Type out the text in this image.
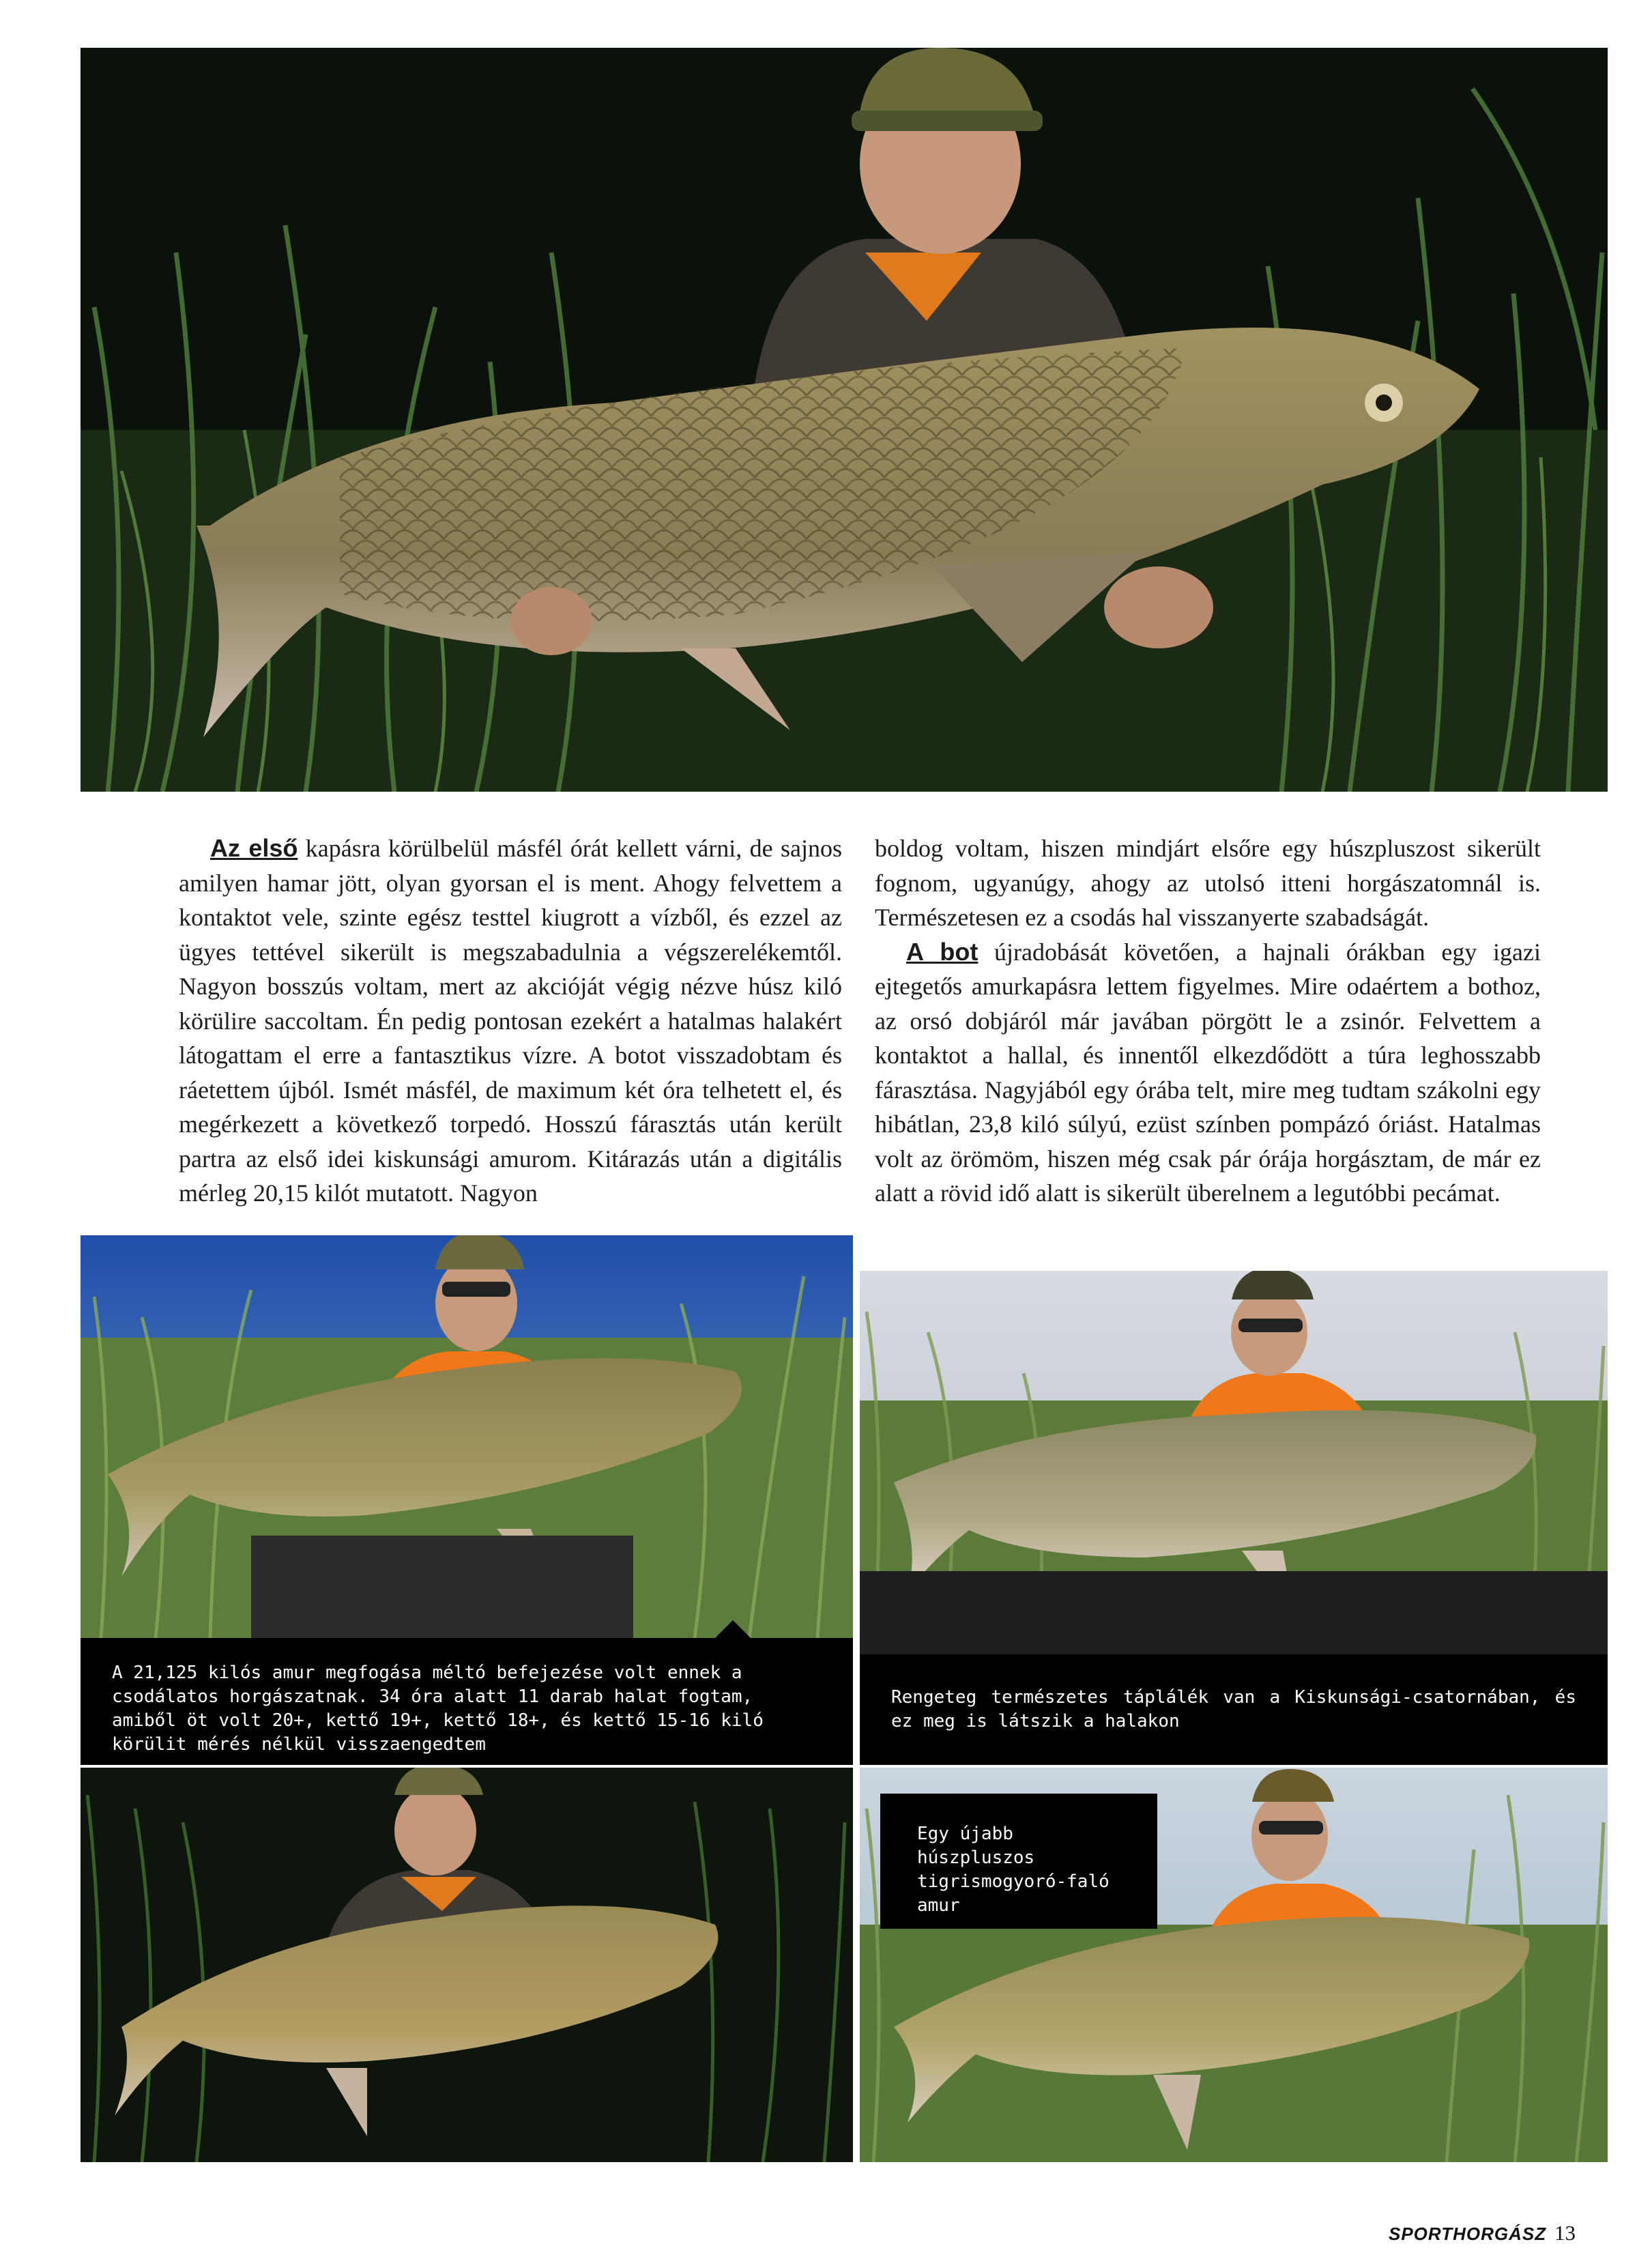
Az első kapásra körülbelül másfél órát kellett várni, de sajnos amilyen hamar jött, olyan gyorsan el is ment. Ahogy felvettem a kontaktot vele, szinte egész testtel kiugrott a vízből, és ezzel az ügyes tettével sikerült is megszabadulnia a végszerelékemtől. Nagyon bosszús voltam, mert az akcióját végig nézve húsz kiló körülire saccoltam. Én pedig pontosan ezekért a hatalmas halakért látogattam el erre a fantasztikus vízre. A botot visszadobtam és ráetettem újból. Ismét másfél, de maximum két óra telhetett el, és megérkezett a következő torpedó. Hosszú fárasztás után került partra az első idei kiskunsági amurom. Kitárazás után a digitális mérleg 20,15 kilót mutatott. Nagyon

boldog voltam, hiszen mindjárt elsőre egy húszpluszost sikerült fognom, ugyanúgy, ahogy az utolsó itteni horgászatomnál is. Természetesen ez a csodás hal visszanyerte szabadságát.

A bot újradobását követően, a hajnali órákban egy igazi ejtegetős amurkapásra lettem figyelmes. Mire odaértem a bothoz, az orsó dobjáról már javában pörgött le a zsinór. Felvettem a kontaktot a hallal, és innentől elkezdődött a túra leghosszabb fárasztása. Nagyjából egy órába telt, mire meg tudtam szákolni egy hibátlan, 23,8 kiló súlyú, ezüst színben pompázó óriást. Hatalmas volt az örömöm, hiszen még csak pár órája horgásztam, de már ez alatt a rövid idő alatt is sikerült überelnem a legutóbbi pecámat.

A 21,125 kilós amur megfogása méltó befejezése volt ennek a csodálatos horgászatnak. 34 óra alatt 11 darab halat fogtam, amiből öt volt 20+, kettő 19+, kettő 18+, és kettő 15-16 kiló körülit mérés nélkül visszaengedtem
Rengeteg természetes táplálék van a Kiskunsági-csatornában, és ez meg is látszik a halakon
Egy újabb húszpluszos tigrismogyoró-faló amur
SPORTHORGÁSZ 13
